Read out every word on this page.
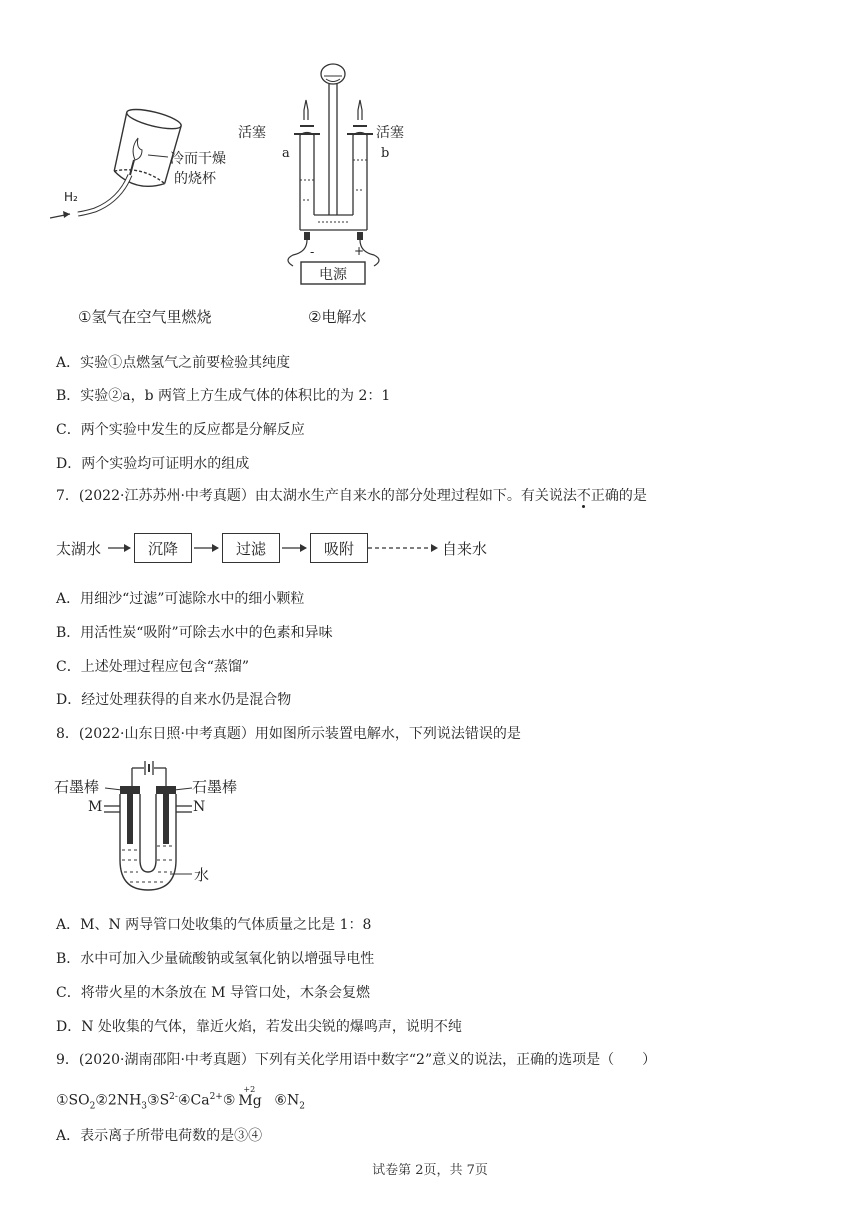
H₂
冷而干燥
的烧杯
①氢气在空气里燃烧
活塞	活塞
a	b
-	+
电源
②电解水
A．实验①点燃氢气之前要检验其纯度
B．实验②a，b 两管上方生成气体的体积比的为 2：1
C．两个实验中发生的反应都是分解反应
D．两个实验均可证明水的组成
7．(2022·江苏苏州·中考真题）由太湖水生产自来水的部分处理过程如下。有关说法不正确的是
太湖水	沉降	过滤	吸附	自来水
A．用细沙“过滤”可滤除水中的细小颗粒
B．用活性炭“吸附”可除去水中的色素和异味
C．上述处理过程应包含“蒸馏”
D．经过处理获得的自来水仍是混合物
8．(2022·山东日照·中考真题）用如图所示装置电解水，下列说法错误的是
石墨棒	石墨棒
M	N
水
A．M、N 两导管口处收集的气体质量之比是 1：8
B．水中可加入少量硫酸钠或氢氧化钠以增强导电性
C．将带火星的木条放在 M 导管口处，木条会复燃
D．N 处收集的气体，靠近火焰，若发出尖锐的爆鸣声，说明不纯
9．(2020·湖南邵阳·中考真题）下列有关化学用语中数字“2”意义的说法，正确的选项是（　　）
$①SO_2②2NH_3③S^{2-}④Ca^{2+}⑤$
+2
Mg $⑥N_2$
A．表示离子所带电荷数的是③④
试卷第 2页，共 7页
